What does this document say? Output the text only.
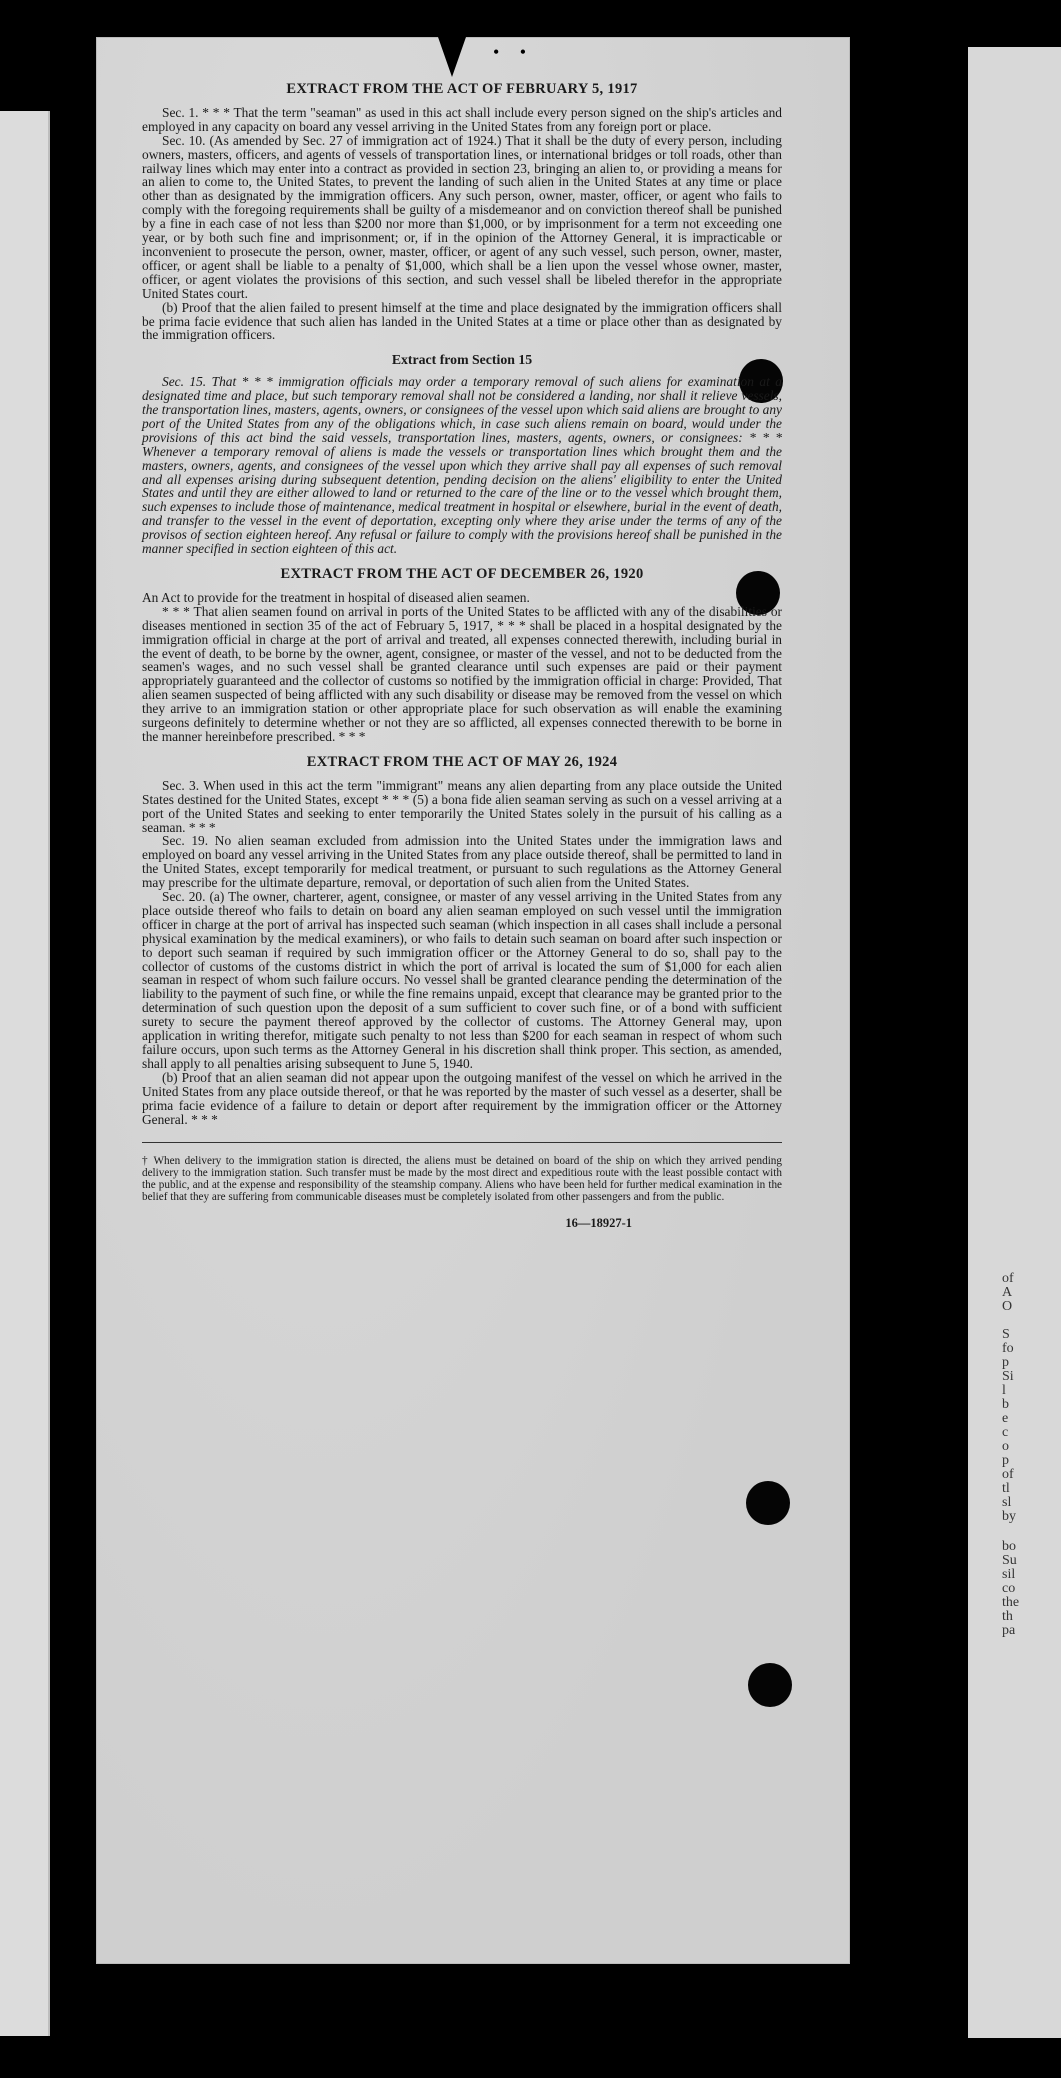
of
A
O
S
fo
p
Si
l
b
e
c
o
p
of
tl
sl
by
bo
Su
sil
co
the
th
pa
• •
EXTRACT FROM THE ACT OF FEBRUARY 5, 1917

Sec. 1. * * * That the term "seaman" as used in this act shall include every person signed on the ship's articles and employed in any capacity on board any vessel arriving in the United States from any foreign port or place.

Sec. 10. (As amended by Sec. 27 of immigration act of 1924.) That it shall be the duty of every person, including owners, masters, officers, and agents of vessels of transportation lines, or international bridges or toll roads, other than railway lines which may enter into a contract as provided in section 23, bringing an alien to, or providing a means for an alien to come to, the United States, to prevent the landing of such alien in the United States at any time or place other than as designated by the immigration officers. Any such person, owner, master, officer, or agent who fails to comply with the foregoing requirements shall be guilty of a misdemeanor and on conviction thereof shall be punished by a fine in each case of not less than $200 nor more than $1,000, or by imprisonment for a term not exceeding one year, or by both such fine and imprisonment; or, if in the opinion of the Attorney General, it is impracticable or inconvenient to prosecute the person, owner, master, officer, or agent of any such vessel, such person, owner, master, officer, or agent shall be liable to a penalty of $1,000, which shall be a lien upon the vessel whose owner, master, officer, or agent violates the provisions of this section, and such vessel shall be libeled therefor in the appropriate United States court.

(b) Proof that the alien failed to present himself at the time and place designated by the immigration officers shall be prima facie evidence that such alien has landed in the United States at a time or place other than as designated by the immigration officers.

Extract from Section 15

Sec. 15. That * * * immigration officials may order a temporary removal of such aliens for examination at a designated time and place, but such temporary removal shall not be considered a landing, nor shall it relieve vessels, the transportation lines, masters, agents, owners, or consignees of the vessel upon which said aliens are brought to any port of the United States from any of the obligations which, in case such aliens remain on board, would under the provisions of this act bind the said vessels, transportation lines, masters, agents, owners, or consignees: * * * Whenever a temporary removal of aliens is made the vessels or transportation lines which brought them and the masters, owners, agents, and consignees of the vessel upon which they arrive shall pay all expenses of such removal and all expenses arising during subsequent detention, pending decision on the aliens' eligibility to enter the United States and until they are either allowed to land or returned to the care of the line or to the vessel which brought them, such expenses to include those of maintenance, medical treatment in hospital or elsewhere, burial in the event of death, and transfer to the vessel in the event of deportation, excepting only where they arise under the terms of any of the provisos of section eighteen hereof. Any refusal or failure to comply with the provisions hereof shall be punished in the manner specified in section eighteen of this act.

EXTRACT FROM THE ACT OF DECEMBER 26, 1920

An Act to provide for the treatment in hospital of diseased alien seamen.

* * * That alien seamen found on arrival in ports of the United States to be afflicted with any of the disabilities or diseases mentioned in section 35 of the act of February 5, 1917, * * * shall be placed in a hospital designated by the immigration official in charge at the port of arrival and treated, all expenses connected therewith, including burial in the event of death, to be borne by the owner, agent, consignee, or master of the vessel, and not to be deducted from the seamen's wages, and no such vessel shall be granted clearance until such expenses are paid or their payment appropriately guaranteed and the collector of customs so notified by the immigration official in charge: Provided, That alien seamen suspected of being afflicted with any such disability or disease may be removed from the vessel on which they arrive to an immigration station or other appropriate place for such observation as will enable the examining surgeons definitely to determine whether or not they are so afflicted, all expenses connected therewith to be borne in the manner hereinbefore prescribed. * * *

EXTRACT FROM THE ACT OF MAY 26, 1924

Sec. 3. When used in this act the term "immigrant" means any alien departing from any place outside the United States destined for the United States, except * * * (5) a bona fide alien seaman serving as such on a vessel arriving at a port of the United States and seeking to enter temporarily the United States solely in the pursuit of his calling as a seaman. * * *

Sec. 19. No alien seaman excluded from admission into the United States under the immigration laws and employed on board any vessel arriving in the United States from any place outside thereof, shall be permitted to land in the United States, except temporarily for medical treatment, or pursuant to such regulations as the Attorney General may prescribe for the ultimate departure, removal, or deportation of such alien from the United States.

Sec. 20. (a) The owner, charterer, agent, consignee, or master of any vessel arriving in the United States from any place outside thereof who fails to detain on board any alien seaman employed on such vessel until the immigration officer in charge at the port of arrival has inspected such seaman (which inspection in all cases shall include a personal physical examination by the medical examiners), or who fails to detain such seaman on board after such inspection or to deport such seaman if required by such immigration officer or the Attorney General to do so, shall pay to the collector of customs of the customs district in which the port of arrival is located the sum of $1,000 for each alien seaman in respect of whom such failure occurs. No vessel shall be granted clearance pending the determination of the liability to the payment of such fine, or while the fine remains unpaid, except that clearance may be granted prior to the determination of such question upon the deposit of a sum sufficient to cover such fine, or of a bond with sufficient surety to secure the payment thereof approved by the collector of customs. The Attorney General may, upon application in writing therefor, mitigate such penalty to not less than $200 for each seaman in respect of whom such failure occurs, upon such terms as the Attorney General in his discretion shall think proper. This section, as amended, shall apply to all penalties arising subsequent to June 5, 1940.

(b) Proof that an alien seaman did not appear upon the outgoing manifest of the vessel on which he arrived in the United States from any place outside thereof, or that he was reported by the master of such vessel as a deserter, shall be prima facie evidence of a failure to detain or deport after requirement by the immigration officer or the Attorney General. * * *

† When delivery to the immigration station is directed, the aliens must be detained on board of the ship on which they arrived pending delivery to the immigration station. Such transfer must be made by the most direct and expeditious route with the least possible contact with the public, and at the expense and responsibility of the steamship company. Aliens who have been held for further medical examination in the belief that they are suffering from communicable diseases must be completely isolated from other passengers and from the public.

16—18927-1
